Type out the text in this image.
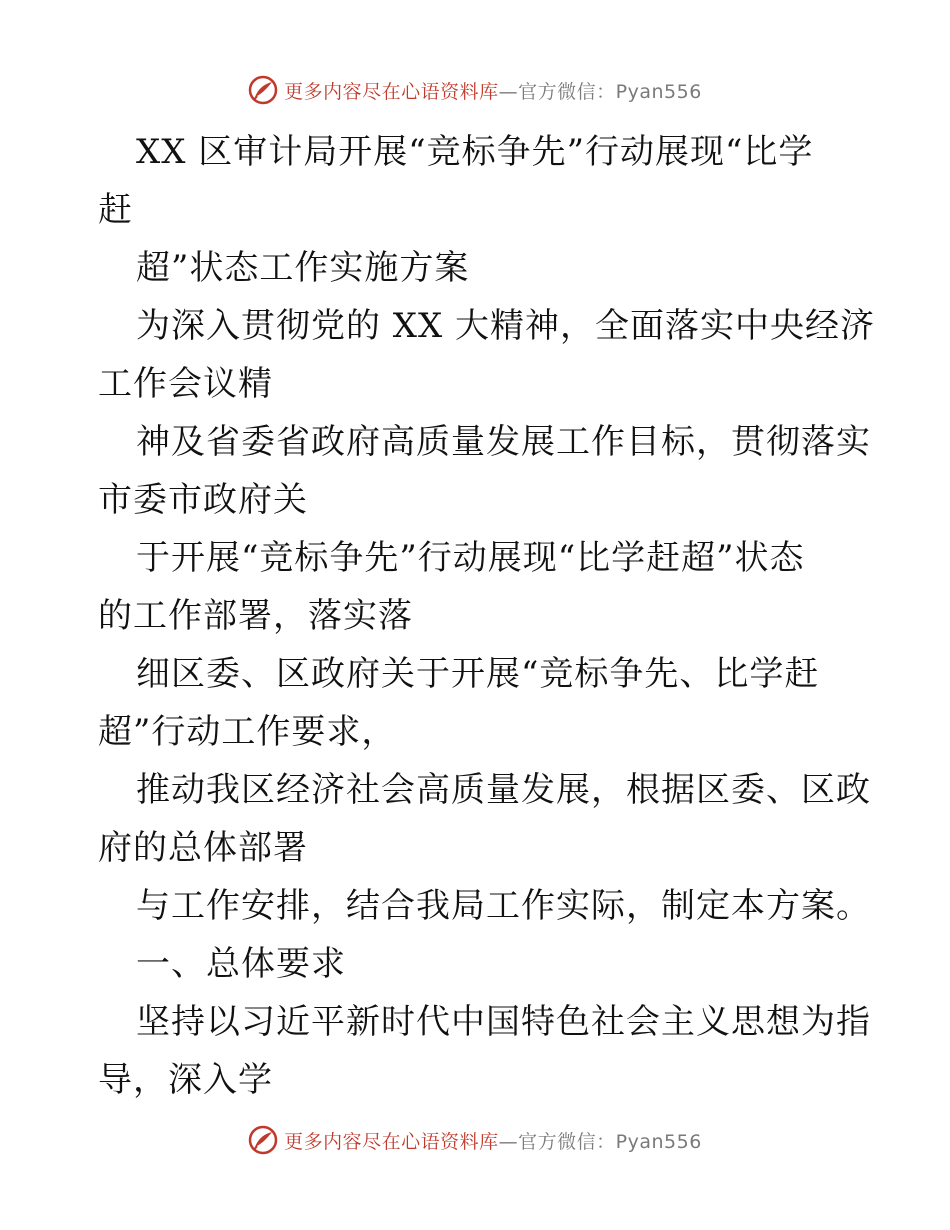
更多内容尽在心语资料库—官方微信：Pyan556
XX 区审计局开展“竞标争先”行动展现“比学
赶
超”状态工作实施方案
为深入贯彻党的 XX 大精神，全面落实中央经济
工作会议精
神及省委省政府高质量发展工作目标，贯彻落实
市委市政府关
于开展“竞标争先”行动展现“比学赶超”状态
的工作部署，落实落
细区委、区政府关于开展“竞标争先、比学赶
超”行动工作要求，
推动我区经济社会高质量发展，根据区委、区政
府的总体部署
与工作安排，结合我局工作实际，制定本方案。
一、总体要求
坚持以习近平新时代中国特色社会主义思想为指
导，深入学
更多内容尽在心语资料库—官方微信：Pyan556
